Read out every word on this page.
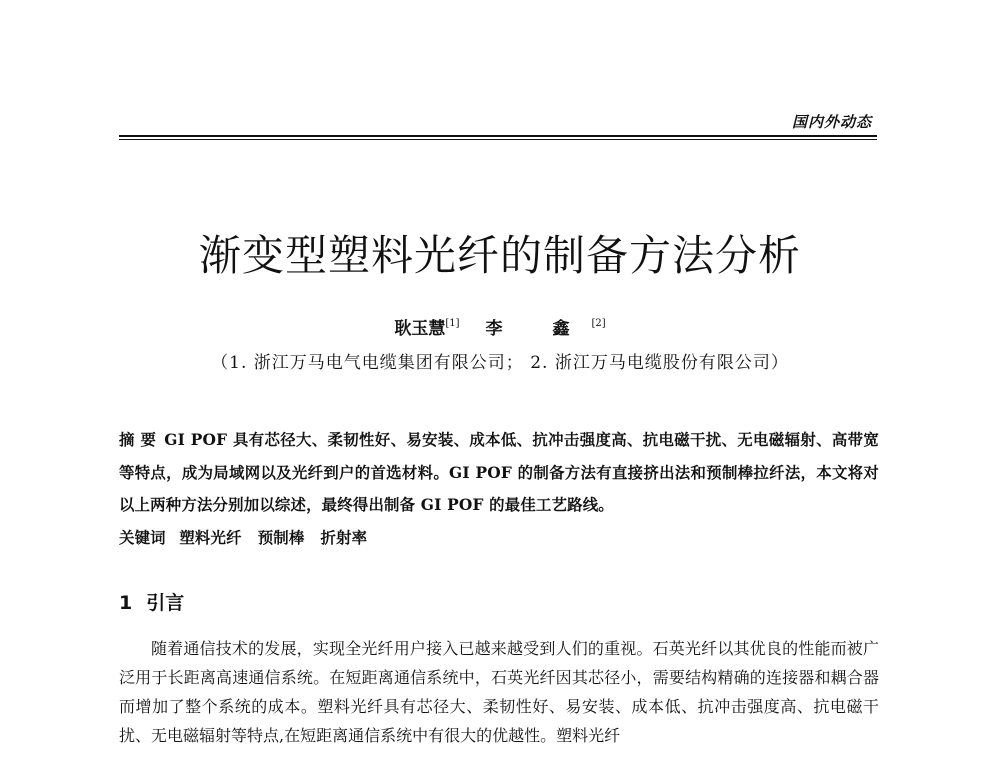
国内外动态
渐变型塑料光纤的制备方法分析
耿玉慧[1] 李 鑫[2]
（1. 浙江万马电气电缆集团有限公司； 2. 浙江万马电缆股份有限公司）

摘 要 GI POF 具有芯径大、柔韧性好、易安装、成本低、抗冲击强度高、抗电磁干扰、无电磁辐射、高带宽等特点，成为局域网以及光纤到户的首选材料。GI POF 的制备方法有直接挤出法和预制棒拉纤法，本文将对以上两种方法分别加以综述，最终得出制备 GI POF 的最佳工艺路线。

关键词 塑料光纤 预制棒 折射率

1 引言

随着通信技术的发展，实现全光纤用户接入已越来越受到人们的重视。石英光纤以其优良的性能而被广泛用于长距离高速通信系统。在短距离通信系统中，石英光纤因其芯径小，需要结构精确的连接器和耦合器而增加了整个系统的成本。塑料光纤具有芯径大、柔韧性好、易安装、成本低、抗冲击强度高、抗电磁干扰、无电磁辐射等特点,在短距离通信系统中有很大的优越性。塑料光纤
